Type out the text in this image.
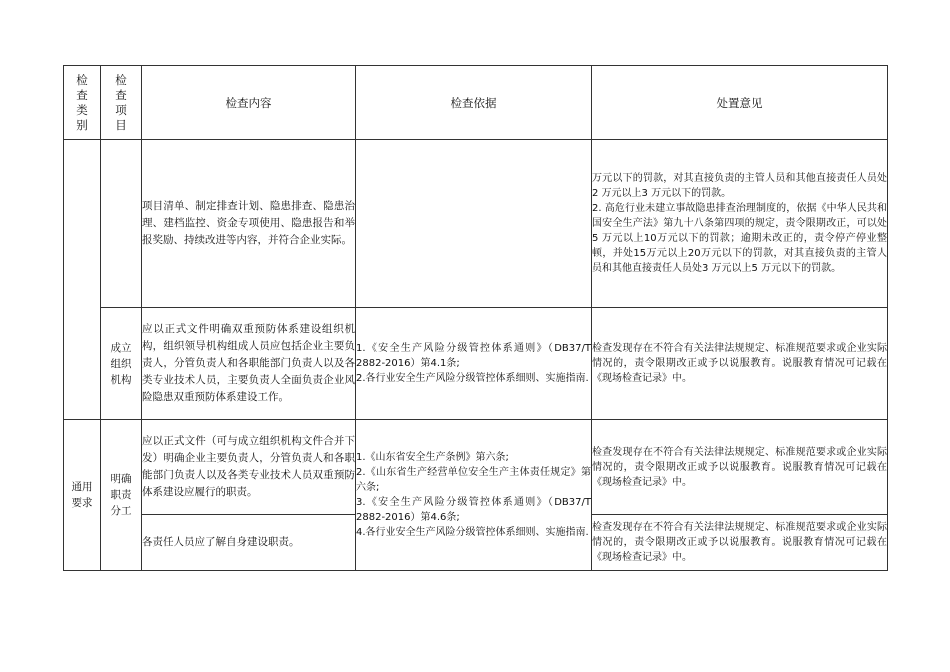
检
查
类
别	检
查
项
目	检查内容	检查依据	处置意见
		项目清单、制定排查计划、隐患排查、隐患治理、建档监控、资金专项使用、隐患报告和举报奖励、持续改进等内容，并符合企业实际。		万元以下的罚款，对其直接负责的主管人员和其他直接责任人员处2 万元以上3 万元以下的罚款。
2. 高危行业未建立事故隐患排查治理制度的，依据《中华人民共和国安全生产法》第九十八条第四项的规定，责令限期改正，可以处5 万元以上10万元以下的罚款；逾期未改正的，责令停产停业整顿，并处15万元以上20万元以下的罚款，对其直接负责的主管人员和其他直接责任人员处3 万元以上5 万元以下的罚款。

	成立组织机构	应以正式文件明确双重预防体系建设组织机构，组织领导机构组成人员应包括企业主要负责人，分管负责人和各职能部门负责人以及各类专业技术人员，主要负责人全面负责企业风险隐患双重预防体系建设工作。	1.《安全生产风险分级管控体系通则》（DB37/T 2882-2016）第4.1条;
2.各行业安全生产风险分级管控体系细则、实施指南.	检查发现存在不符合有关法律法规规定、标准规范要求或企业实际情况的，责令限期改正或予以说服教育。说服教育情况可记载在《现场检查记录》中。
通用要求	明确职责分工	应以正式文件（可与成立组织机构文件合并下发）明确企业主要负责人，分管负责人和各职能部门负责人以及各类专业技术人员双重预防体系建设应履行的职责。	1.《山东省安全生产条例》第六条;
2.《山东省生产经营单位安全生产主体责任规定》第六条;
3.《安全生产风险分级管控体系通则》（DB37/T 2882-2016）第4.6条;
4.各行业安全生产风险分级管控体系细则、实施指南.	检查发现存在不符合有关法律法规规定、标准规范要求或企业实际情况的，责令限期改正或予以说服教育。说服教育情况可记载在《现场检查记录》中。
		各责任人员应了解自身建设职责。		检查发现存在不符合有关法律法规规定、标准规范要求或企业实际情况的，责令限期改正或予以说服教育。说服教育情况可记载在《现场检查记录》中。
